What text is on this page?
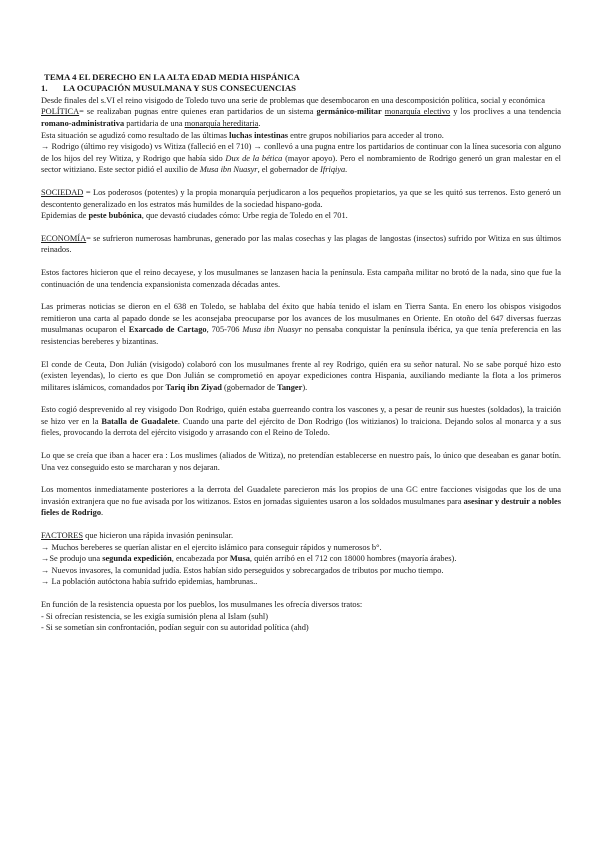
TEMA 4 EL DERECHO EN LA ALTA EDAD MEDIA HISPÁNICA
1. LA OCUPACIÓN MUSULMANA Y SUS CONSECUENCIAS

Desde finales del s.VI el reino visigodo de Toledo tuvo una serie de problemas que desembocaron en una descomposición política, social y económica

POLÍTICA= se realizaban pugnas entre quienes eran partidarios de un sistema germánico-militar monarquía electivo y los proclives a una tendencia romano-administrativa partidaria de una monarquía hereditaria.

Esta situación se agudizó como resultado de las últimas luchas intestinas entre grupos nobiliarios para acceder al trono.

→ Rodrigo (último rey visigodo) vs Witiza (falleció en el 710) → conllevó a una pugna entre los partidarios de continuar con la línea sucesoria con alguno de los hijos del rey Witiza, y Rodrigo que había sido Dux de la bética (mayor apoyo). Pero el nombramiento de Rodrigo generó un gran malestar en el sector witiziano. Este sector pidió el auxilio de Musa ibn Nuasyr, el gobernador de Ifriqiya.

SOCIEDAD = Los poderosos (potentes) y la propia monarquía perjudicaron a los pequeños propietarios, ya que se les quitó sus terrenos. Esto generó un descontento generalizado en los estratos más humildes de la sociedad hispano-goda.

Epidemias de peste bubónica, que devastó ciudades cómo: Urbe regia de Toledo en el 701.

ECONOMÍA= se sufrieron numerosas hambrunas, generado por las malas cosechas y las plagas de langostas (insectos) sufrido por Witiza en sus últimos reinados.

Estos factores hicieron que el reino decayese, y los musulmanes se lanzasen hacia la península. Esta campaña militar no brotó de la nada, sino que fue la continuación de una tendencia expansionista comenzada décadas antes.

Las primeras noticias se dieron en el 638 en Toledo, se hablaba del éxito que había tenido el islam en Tierra Santa. En enero los obispos visigodos remitieron una carta al papado donde se les aconsejaba preocuparse por los avances de los musulmanes en Oriente. En otoño del 647 diversas fuerzas musulmanas ocuparon el Exarcado de Cartago, 705-706 Musa ibn Nuasyr no pensaba conquistar la península ibérica, ya que tenía preferencia en las resistencias bereberes y bizantinas.

El conde de Ceuta, Don Julián (visigodo) colaboró con los musulmanes frente al rey Rodrigo, quién era su señor natural. No se sabe porqué hizo esto (existen leyendas), lo cierto es que Don Julián se comprometió en apoyar expediciones contra Hispania, auxiliando mediante la flota a los primeros militares islámicos, comandados por Tariq ibn Ziyad (gobernador de Tanger).

Esto cogió desprevenido al rey visigodo Don Rodrigo, quién estaba guerreando contra los vascones y, a pesar de reunir sus huestes (soldados), la traición se hizo ver en la Batalla de Guadalete. Cuando una parte del ejército de Don Rodrigo (los witizianos) lo traiciona. Dejando solos al monarca y a sus fieles, provocando la derrota del ejército visigodo y arrasando con el Reino de Toledo.

Lo que se creía que iban a hacer era : Los muslimes (aliados de Witiza), no pretendían establecerse en nuestro país, lo único que deseaban es ganar botín. Una vez conseguido esto se marcharan y nos dejaran.

Los momentos inmediatamente posteriores a la derrota del Guadalete parecieron más los propios de una GC entre facciones visigodas que los de una invasión extranjera que no fue avisada por los witizanos. Estos en jornadas siguientes usaron a los soldados musulmanes para asesinar y destruir a nobles fieles de Rodrigo.

FACTORES que hicieron una rápida invasión peninsular.

→ Muchos bereberes se querían alistar en el ejercito islámico para conseguir rápidos y numerosos b°.

→Se produjo una segunda expedición, encabezada por Musa, quién arribó en el 712 con 18000 hombres (mayoría árabes).

→ Nuevos invasores, la comunidad judía. Estos habían sido perseguidos y sobrecargados de tributos por mucho tiempo.

→ La población autóctona había sufrido epidemias, hambrunas..

En función de la resistencia opuesta por los pueblos, los musulmanes les ofrecía diversos tratos:

- Si ofrecían resistencia, se les exigía sumisión plena al Islam (suhl)

- Si se sometían sin confrontación, podían seguir con su autoridad política (ahd)
